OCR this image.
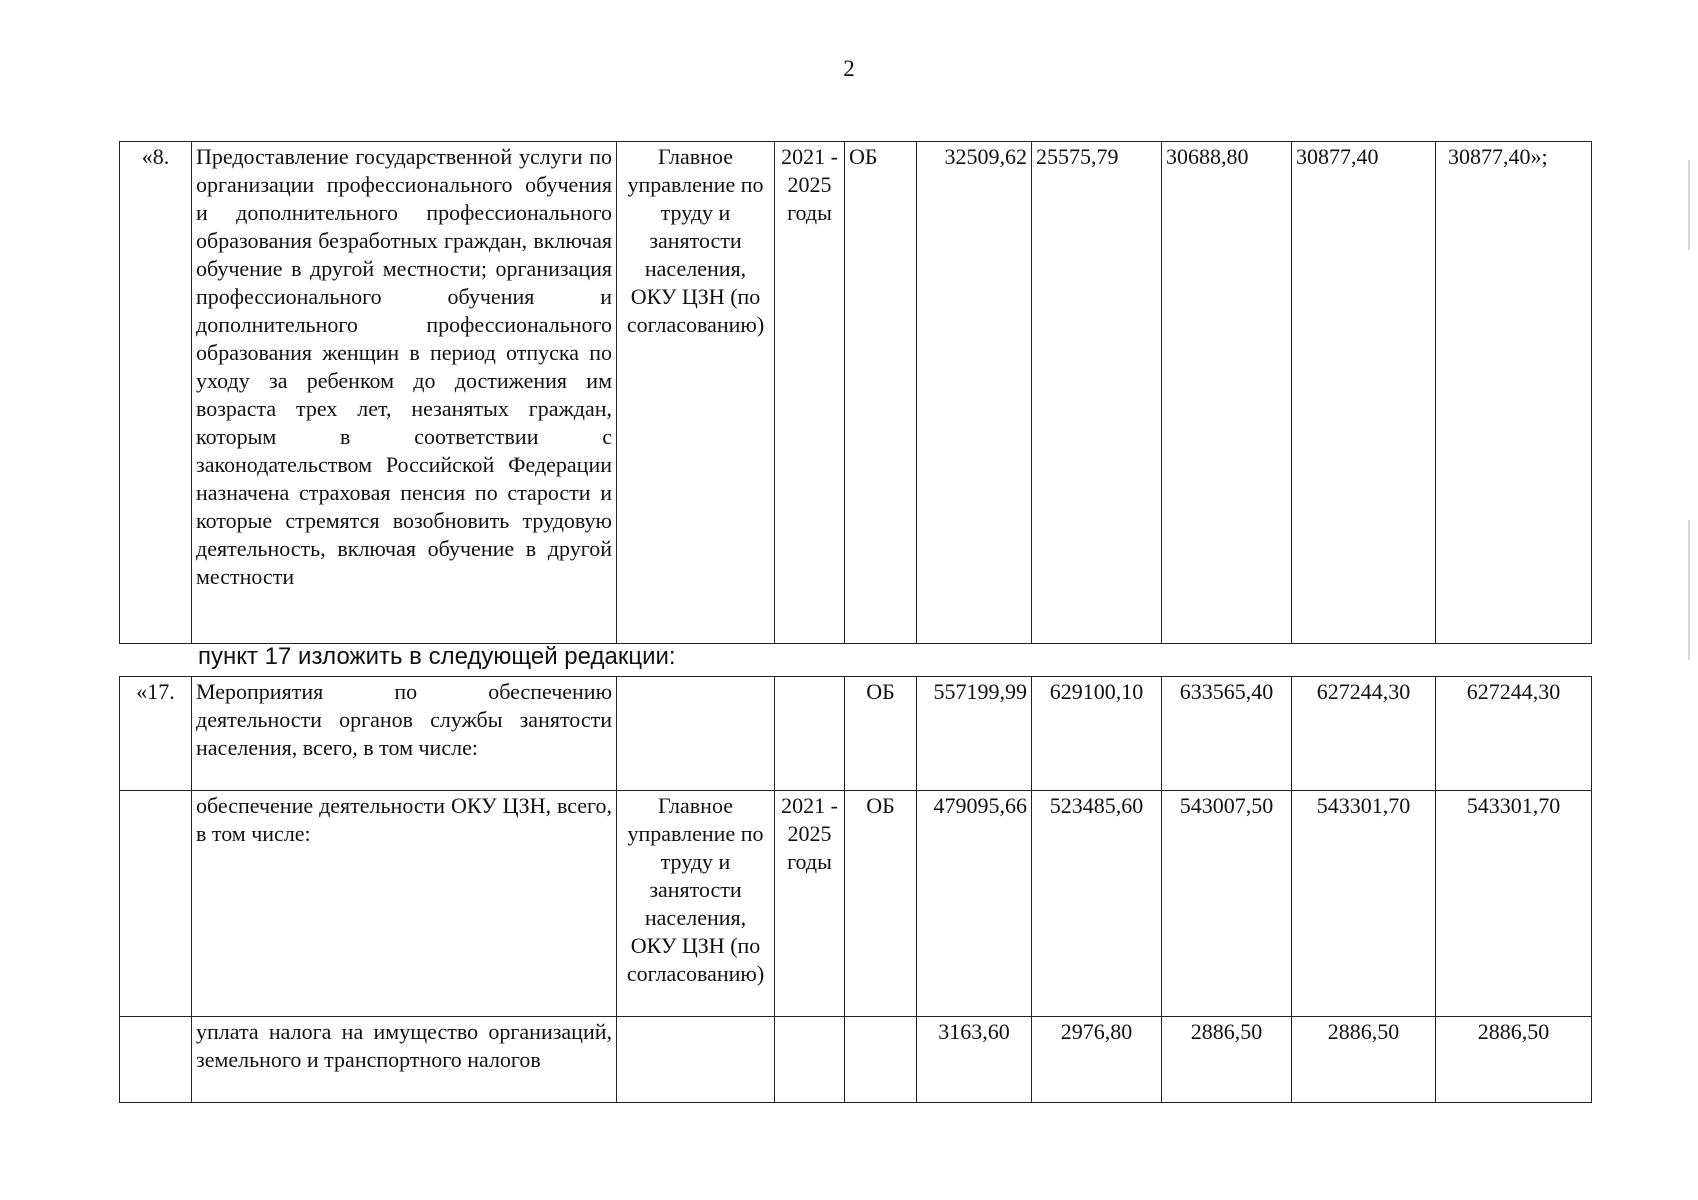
2
«8.	Предоставление государственной услуги по организации профессионального обучения и дополнительного профессионального образования безработных граждан, включая обучение в другой местности; организация профессионального обучения и дополнительного профессионального образования женщин в период отпуска по уходу за ребенком до достижения им возраста трех лет, незанятых граждан, которым в соответствии с законодательством Российской Федерации назначена страховая пенсия по старости и которые стремятся возобновить трудовую деятельность, включая обучение в другой местности	Главное управление по труду и занятости населения, ОКУ ЦЗН (по согласованию)	2021 - 2025 годы	ОБ	32509,62	25575,79	30688,80	30877,40	30877,40»;
пункт 17 изложить в следующей редакции:
«17.	Мероприятия по обеспечению деятельности органов службы занятости населения, всего, в том числе:			ОБ	557199,99	629100,10	633565,40	627244,30	627244,30
	обеспечение деятельности ОКУ ЦЗН, всего, в том числе:	Главное управление по труду и занятости населения, ОКУ ЦЗН (по согласованию)	2021 - 2025 годы	ОБ	479095,66	523485,60	543007,50	543301,70	543301,70
	уплата налога на имущество организаций, земельного и транспортного налогов				3163,60	2976,80	2886,50	2886,50	2886,50
